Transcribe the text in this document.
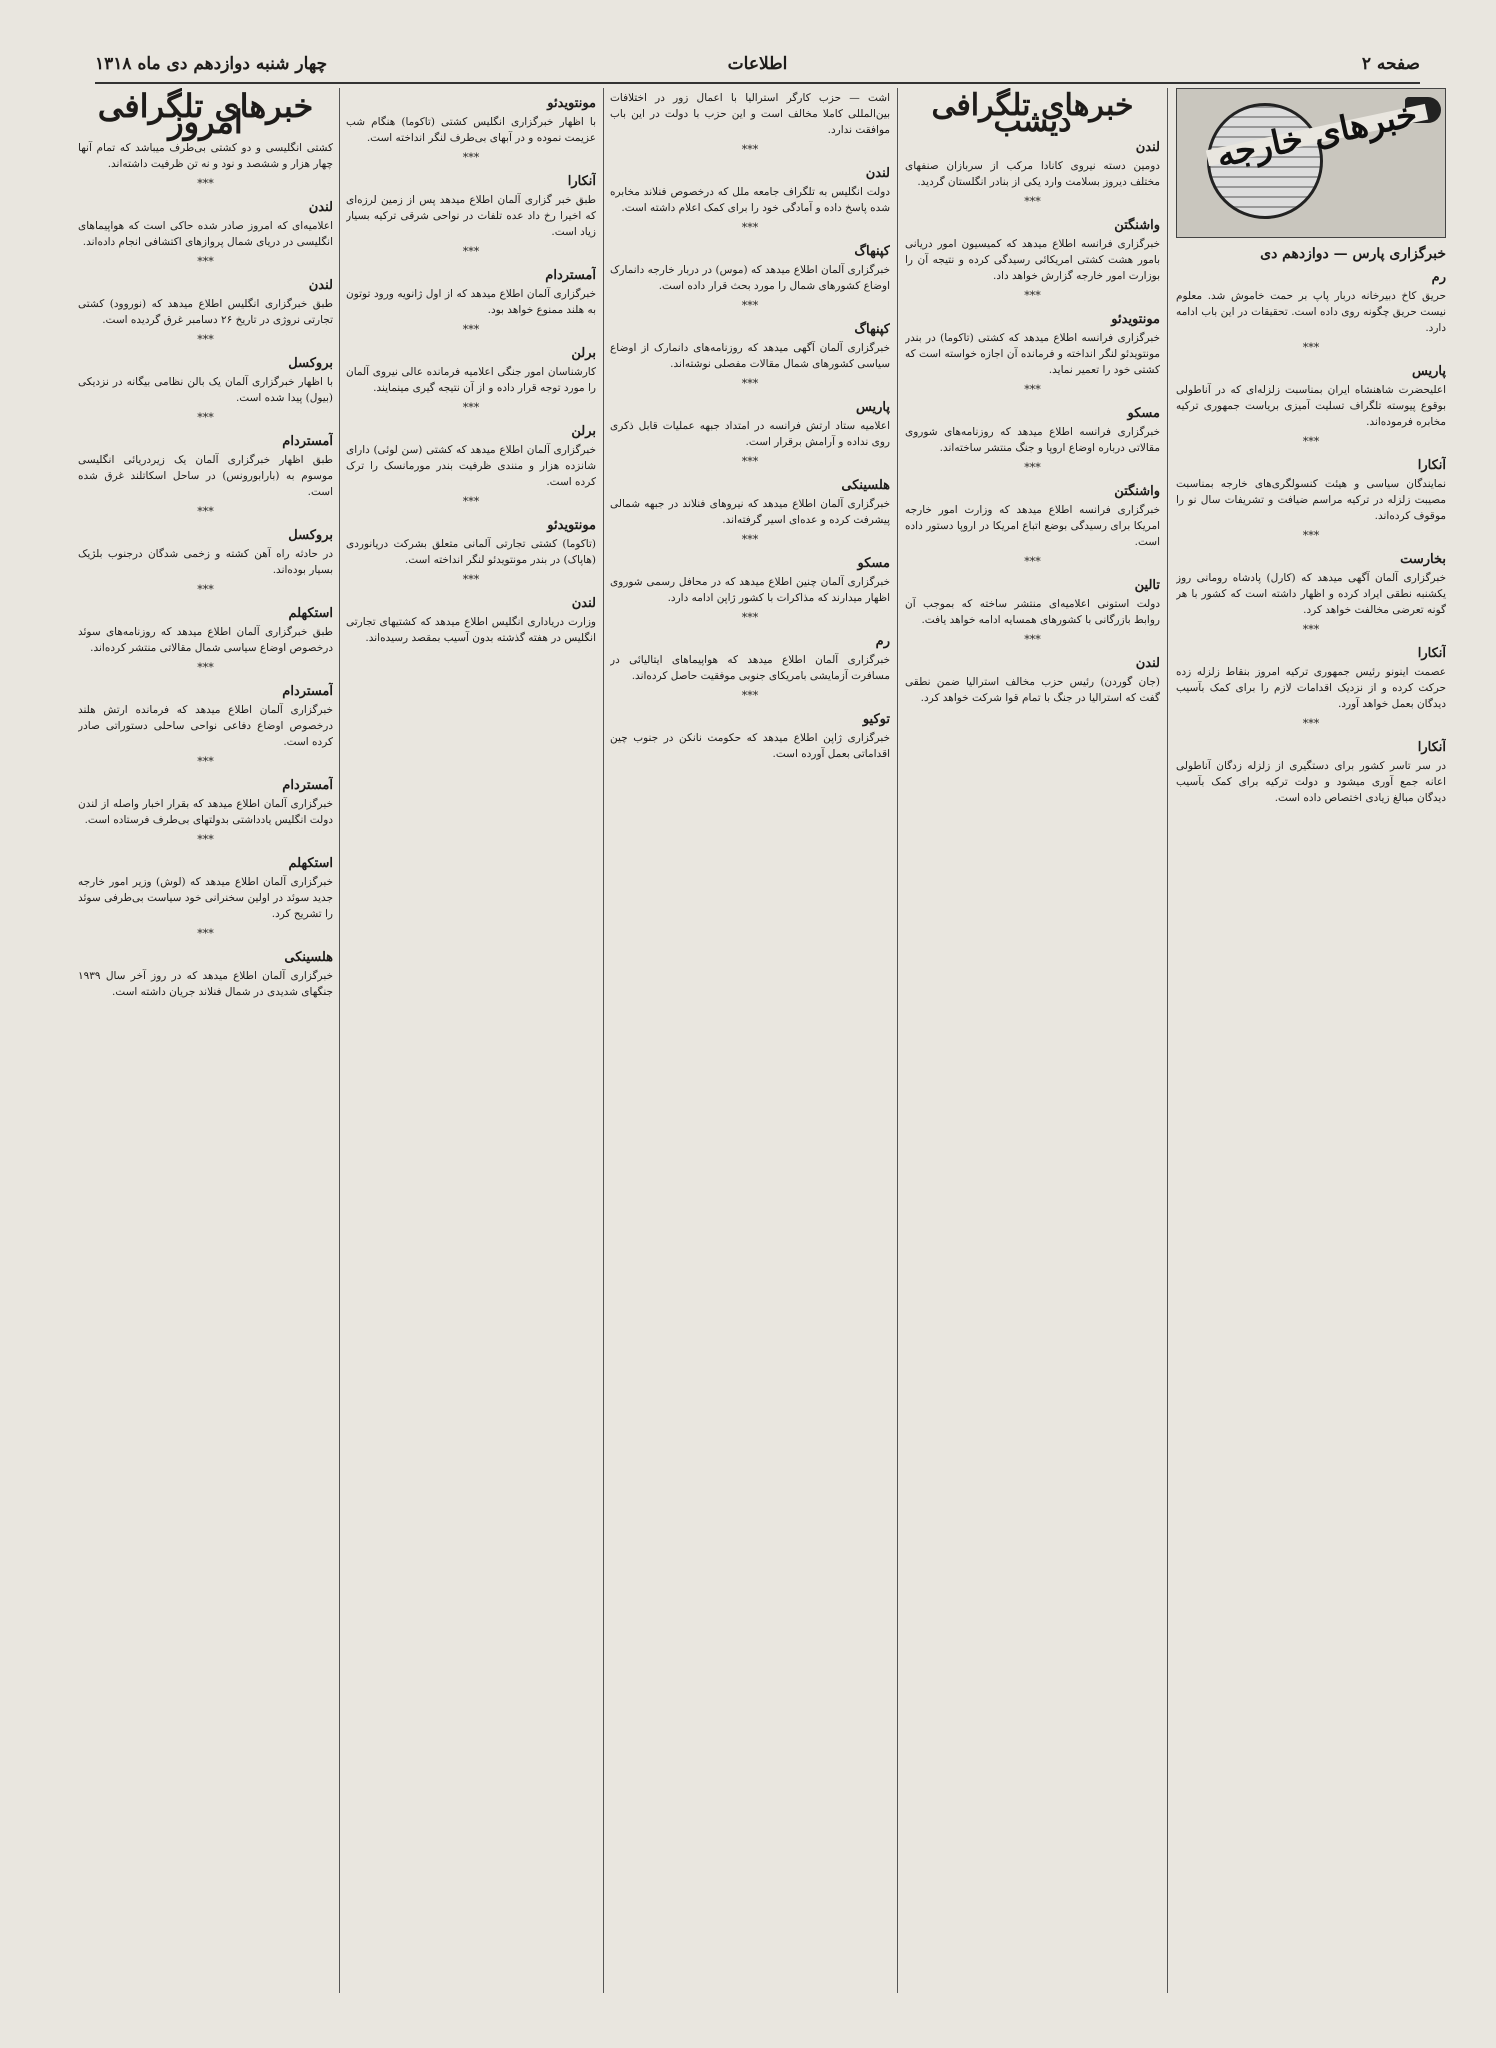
صفحه ۲
اطلاعات
چهار شنبه دوازدهم دی ماه ۱۳۱۸
خبرهای خارجه
خبرگزاری پارس — دوازدهم دی
رم
حریق کاخ دبیرخانه دربار پاپ بر حمت خاموش شد. معلوم نیست حریق چگونه روی داده است. تحقیقات در این باب ادامه دارد.
***
پاریس
اعلیحضرت شاهنشاه ایران بمناسبت زلزله‌ای که در آناطولی بوقوع پیوسته تلگراف تسلیت آمیزی بریاست جمهوری ترکیه مخابره فرموده‌اند.
***
آنکارا
نمایندگان سیاسی و هیئت کنسولگری‌های خارجه بمناسبت مصیبت زلزله در ترکیه مراسم ضیافت و تشریفات سال نو را موقوف کرده‌اند.
***
بخارست
خبرگزاری آلمان آگهی میدهد که (کارل) پادشاه رومانی روز یکشنبه نطقی ایراد کرده و اظهار داشته است که کشور با هر گونه تعرضی مخالفت خواهد کرد.
***
آنکارا
عصمت اینونو رئیس جمهوری ترکیه امروز بنقاط زلزله زده حرکت کرده و از نزدیک اقدامات لازم را برای کمک بآسیب دیدگان بعمل خواهد آورد.
***
آنکارا
در سر تاسر کشور برای دستگیری از زلزله زدگان آناطولی اعانه جمع آوری میشود و دولت ترکیه برای کمک بآسیب دیدگان مبالغ زیادی اختصاص داده است.
خبرهای تلگرافی دیشب
لندن
دومین دسته نیروی کانادا مرکب از سربازان صنفهای مختلف دیروز بسلامت وارد یکی از بنادر انگلستان گردید.
***
واشنگتن
خبرگزاری فرانسه اطلاع میدهد که کمیسیون امور دریانی بامور هشت کشتی امریکائی رسیدگی کرده و نتیجه آن را بوزارت امور خارجه گزارش خواهد داد.
***
مونتویدئو
خبرگزاری فرانسه اطلاع میدهد که کشتی (تاکوما) در بندر مونتویدئو لنگر انداخته و فرمانده آن اجازه خواسته است که کشتی خود را تعمیر نماید.
***
مسکو
خبرگزاری فرانسه اطلاع میدهد که روزنامه‌های شوروی مقالاتی درباره اوضاع اروپا و جنگ منتشر ساخته‌اند.
***
واشنگتن
خبرگزاری فرانسه اطلاع میدهد که وزارت امور خارجه امریکا برای رسیدگی بوضع اتباع امریکا در اروپا دستور داده است.
***
تالین
دولت استونی اعلامیه‌ای منتشر ساخته که بموجب آن روابط بازرگانی با کشورهای همسایه ادامه خواهد یافت.
***
لندن
(جان گوردن) رئیس حزب مخالف استرالیا ضمن نطقی گفت که استرالیا در جنگ با تمام قوا شرکت خواهد کرد.
اشت — حزب کارگر استرالیا با اعمال زور در اختلافات بین‌المللی کاملا مخالف است و این حزب با دولت در این باب موافقت ندارد.
***
لندن
دولت انگلیس به تلگراف جامعه ملل که درخصوص فنلاند مخابره شده پاسخ داده و آمادگی خود را برای کمک اعلام داشته است.
***
کپنهاگ
خبرگزاری آلمان اطلاع میدهد که (موس) در دربار خارجه دانمارک اوضاع کشورهای شمال را مورد بحث قرار داده است.
***
کپنهاگ
خبرگزاری آلمان آگهی میدهد که روزنامه‌های دانمارک از اوضاع سیاسی کشورهای شمال مقالات مفصلی نوشته‌اند.
***
پاریس
اعلامیه ستاد ارتش فرانسه در امتداد جبهه عملیات قابل ذکری روی نداده و آرامش برقرار است.
***
هلسینکی
خبرگزاری آلمان اطلاع میدهد که نیروهای فنلاند در جبهه شمالی پیشرفت کرده و عده‌ای اسیر گرفته‌اند.
***
مسکو
خبرگزاری آلمان چنین اطلاع میدهد که در محافل رسمی شوروی اظهار میدارند که مذاکرات با کشور ژاپن ادامه دارد.
***
رم
خبرگزاری آلمان اطلاع میدهد که هواپیماهای ایتالیائی در مسافرت آزمایشی بامریکای جنوبی موفقیت حاصل کرده‌اند.
***
توکیو
خبرگزاری ژاپن اطلاع میدهد که حکومت نانکن در جنوب چین اقداماتی بعمل آورده است.
مونتویدئو
با اظهار خبرگزاری انگلیس کشتی (تاکوما) هنگام شب عزیمت نموده و در آبهای بی‌طرف لنگر انداخته است.
***
آنکارا
طبق خبر گزاری آلمان اطلاع میدهد پس از زمین لرزه‌ای که اخیرا رخ داد عده تلفات در نواحی شرقی ترکیه بسیار زیاد است.
***
آمستردام
خبرگزاری آلمان اطلاع میدهد که از اول ژانویه ورود توتون به هلند ممنوع خواهد بود.
***
برلن
کارشناسان امور جنگی اعلامیه فرمانده عالی نیروی آلمان را مورد توجه قرار داده و از آن نتیجه گیری مینمایند.
***
برلن
خبرگزاری آلمان اطلاع میدهد که کشتی (سن لوئی) دارای شانزده هزار و منندی ظرفیت بندر مورمانسک را ترک کرده است.
***
مونتویدئو
(تاکوما) کشتی تجارتی آلمانی متعلق بشرکت دریانوردی (هاپاک) در بندر مونتویدئو لنگر انداخته است.
***
لندن
وزارت دریاداری انگلیس اطلاع میدهد که کشتیهای تجارتی انگلیس در هفته گذشته بدون آسیب بمقصد رسیده‌اند.
خبرهای تلگرافی امروز
کشتی انگلیسی و دو کشتی بی‌طرف میباشد که تمام آنها چهار هزار و ششصد و نود و نه تن ظرفیت داشته‌اند.
***
لندن
اعلامیه‌ای که امروز صادر شده حاکی است که هواپیماهای انگلیسی در دریای شمال پروازهای اکتشافی انجام داده‌اند.
***
لندن
طبق خبرگزاری انگلیس اطلاع میدهد که (نوروود) کشتی تجارتی نروژی در تاریخ ۲۶ دسامبر غرق گردیده است.
***
بروکسل
با اظهار خبرگزاری آلمان یک بالن نظامی بیگانه در نزدیکی (بیول) پیدا شده است.
***
آمستردام
طبق اظهار خبرگزاری آلمان یک زیردریائی انگلیسی موسوم به (بارابورونس) در ساحل اسکاتلند غرق شده است.
***
بروکسل
در حادثه راه آهن کشته و زخمی شدگان درجنوب بلژیک بسیار بوده‌اند.
***
استکهلم
طبق خبرگزاری آلمان اطلاع میدهد که روزنامه‌های سوئد درخصوص اوضاع سیاسی شمال مقالاتی منتشر کرده‌اند.
***
آمستردام
خبرگزاری آلمان اطلاع میدهد که فرمانده ارتش هلند درخصوص اوضاع دفاعی نواحی ساحلی دستوراتی صادر کرده است.
***
آمستردام
خبرگزاری آلمان اطلاع میدهد که بقرار اخبار واصله از لندن دولت انگلیس یادداشتی بدولتهای بی‌طرف فرستاده است.
***
استکهلم
خبرگزاری آلمان اطلاع میدهد که (لوش) وزیر امور خارجه جدید سوئد در اولین سخنرانی خود سیاست بی‌طرفی سوئد را تشریح کرد.
***
هلسینکی
خبرگزاری آلمان اطلاع میدهد که در روز آخر سال ۱۹۳۹ جنگهای شدیدی در شمال فنلاند جریان داشته است.
